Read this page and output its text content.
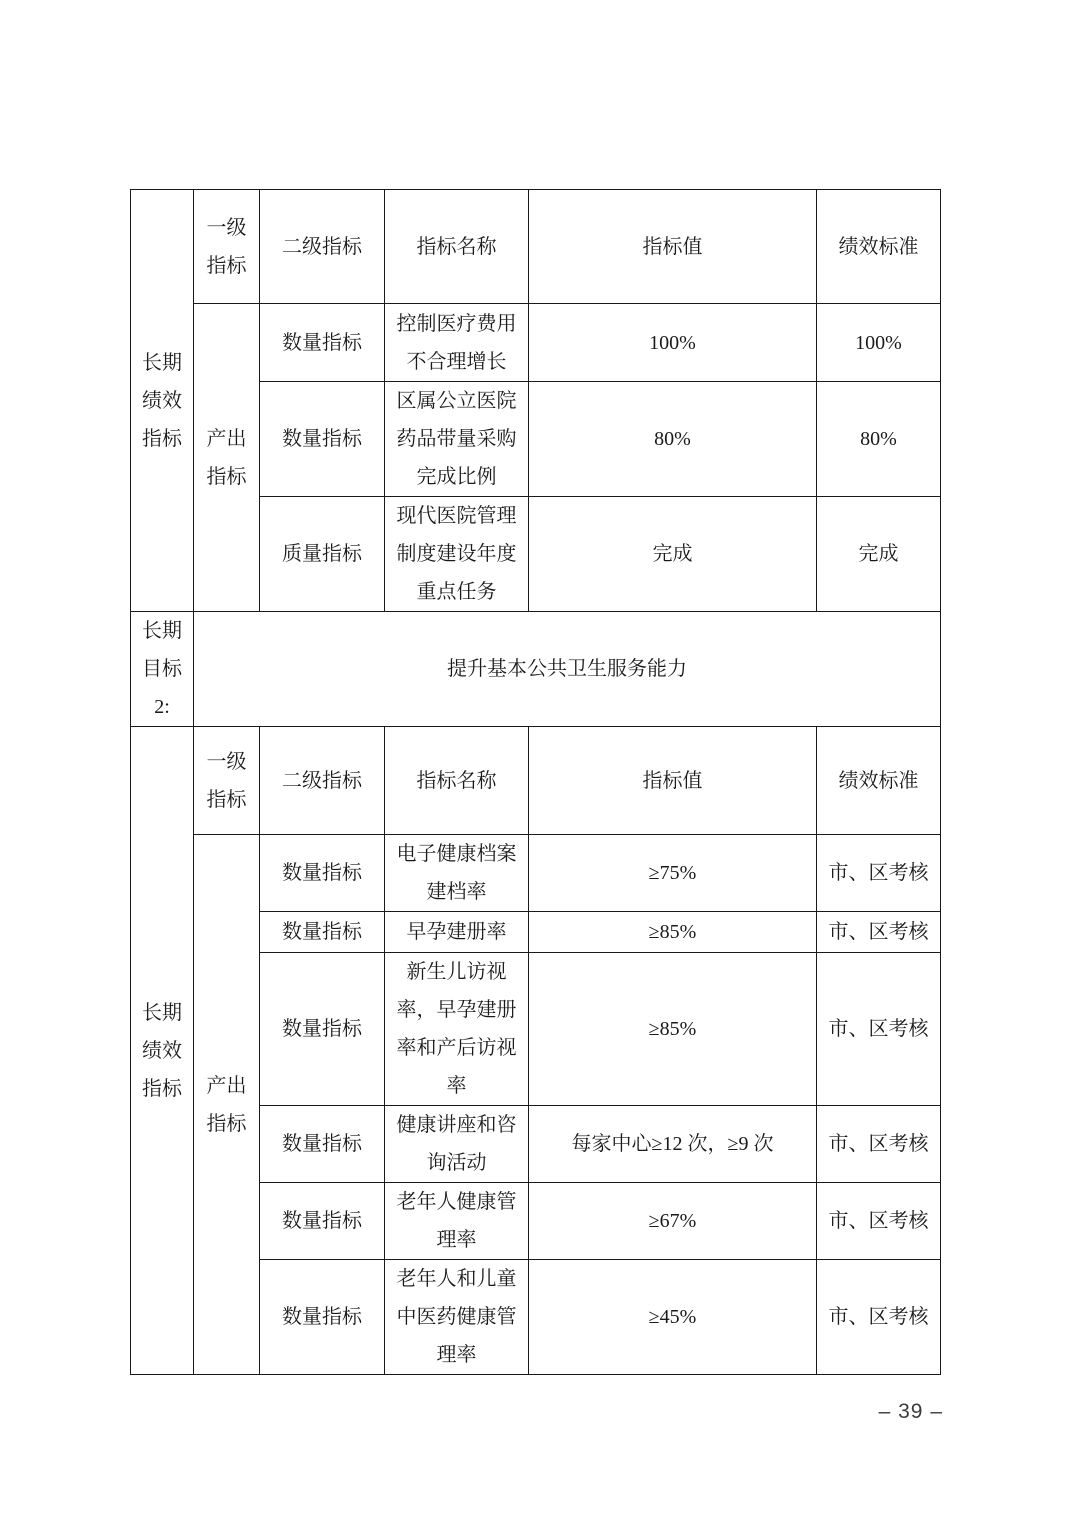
长期绩效指标	一级指标	二级指标	指标名称	指标值	绩效标准
	产出指标	数量指标	控制医疗费用不合理增长	100%	100%
		数量指标	区属公立医院药品带量采购完成比例	80%	80%
		质量指标	现代医院管理制度建设年度重点任务	完成	完成
长期目标2:	提升基本公共卫生服务能力				
长期绩效指标	一级指标	二级指标	指标名称	指标值	绩效标准
	产出指标	数量指标	电子健康档案建档率	≥75%	市、区考核
		数量指标	早孕建册率	≥85%	市、区考核
		数量指标	新生儿访视率，早孕建册率和产后访视率	≥85%	市、区考核
		数量指标	健康讲座和咨询活动	每家中心≥12 次，≥9 次	市、区考核
		数量指标	老年人健康管理率	≥67%	市、区考核
		数量指标	老年人和儿童中医药健康管理率	≥45%	市、区考核
– 39 –
